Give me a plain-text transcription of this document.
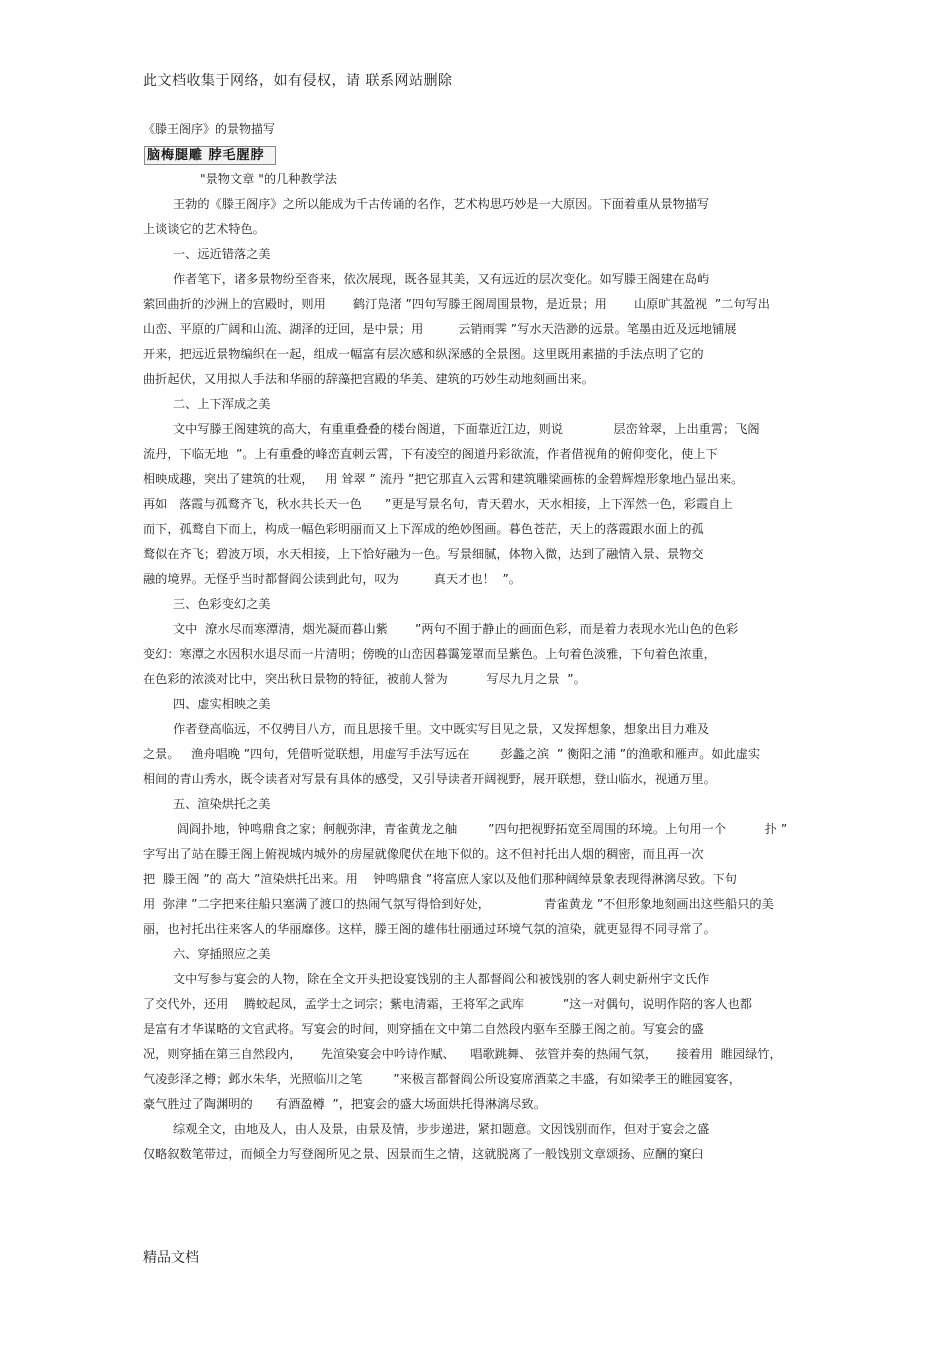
此文档收集于网络，如有侵权，请 联系网站删除
《滕王阁序》的景物描写
脑梅腿雕 脖毛腥脖
"景物文章 "的几种教学法
王勃的《滕王阁序》之所以能成为千古传诵的名作，艺术构思巧妙是一大原因。下面着重从景物描写
上谈谈它的艺术特色。
一、远近错落之美
作者笔下，诸多景物纷至沓来，依次展现，既各显其美，又有远近的层次变化。如写滕王阁建在岛屿
萦回曲折的沙洲上的宫殿时，则用       鹤汀凫渚 ”四句写滕王阁周围景物，是近景；用       山原旷其盈视  ”二句写出
山峦、平原的广阔和山流、湖泽的迂回，是中景；用         云销雨霁 ”写水天浩渺的远景。笔墨由近及远地铺展
开来，把远近景物编织在一起，组成一幅富有层次感和纵深感的全景图。这里既用素描的手法点明了它的
曲折起伏，又用拟人手法和华丽的辞藻把宫殿的华美、建筑的巧妙生动地刻画出来。
二、上下浑成之美
文中写滕王阁建筑的高大，有重重叠叠的楼台阁道，下面靠近江边，则说             层峦耸翠，上出重霄；飞阁
流丹，下临无地  ”。上有重叠的峰峦直刺云霄，下有凌空的阁道丹彩欲流，作者借视角的俯仰变化，使上下
相映成趣，突出了建筑的壮观，   用 耸翠 ” 流丹 ”把它那直入云霄和建筑雕梁画栋的金碧辉煌形象地凸显出来。
再如   落霞与孤鹜齐飞，秋水共长天一色      ”更是写景名句，青天碧水，天水相接，上下浑然一色，彩霞自上
而下，孤鹜自下而上，构成一幅色彩明丽而又上下浑成的绝妙图画。暮色苍茫，天上的落霞跟水面上的孤
鹜似在齐飞；碧波万顷，水天相接，上下恰好融为一色。写景细腻，体物入微，达到了融情入景、景物交
融的境界。无怪乎当时都督阎公读到此句，叹为         真天才也！  ”。
三、色彩变幻之美
文中  潦水尽而寒潭清，烟光凝而暮山紫       ”两句不囿于静止的画面色彩，而是着力表现水光山色的色彩
变幻：寒潭之水因积水退尽而一片清明；傍晚的山峦因暮霭笼罩而呈紫色。上句着色淡雅，下句着色浓重，
在色彩的浓淡对比中，突出秋日景物的特征，被前人誉为          写尽九月之景  ”。
四、虚实相映之美
作者登高临远，不仅骋目八方，而且思接千里。文中既实写目见之景，又发挥想象，想象出目力难及
之景。   渔舟唱晚 ”四句，凭借听觉联想，用虚写手法写远在        彭蠡之滨  ” 衡阳之浦 ”的渔歌和雁声。如此虚实
相间的青山秀水，既令读者对写景有具体的感受，又引导读者开阔视野，展开联想，登山临水，视通万里。
五、渲染烘托之美
闾阎扑地，钟鸣鼎食之家；舸舰弥津，青雀黄龙之舳        ”四句把视野拓宽至周围的环境。上句用一个          扑 ”
字写出了站在滕王阁上俯视城内城外的房屋就像爬伏在地下似的。这不但衬托出人烟的稠密，而且再一次
把  滕王阁 ”的 高大 ”渲染烘托出来。用    钟鸣鼎食 ”将富庶人家以及他们那种阔绰景象表现得淋漓尽致。下句
用  弥津 ”二字把来往船只塞满了渡口的热闹气氛写得恰到好处，              青雀黄龙 ”不但形象地刻画出这些船只的美
丽，也衬托出往来客人的华丽靡侈。这样，滕王阁的雄伟壮丽通过环境气氛的渲染，就更显得不同寻常了。
六、穿插照应之美
文中写参与宴会的人物，除在全文开头把设宴饯别的主人都督阎公和被饯别的客人刺史新州宇文氏作
了交代外，还用    腾蛟起凤，孟学士之词宗；紫电清霜，王将军之武库          ”这一对偶句，说明作陪的客人也都
是富有才华谋略的文官武将。写宴会的时间，则穿插在文中第二自然段内驱车至滕王阁之前。写宴会的盛
况，则穿插在第三自然段内，     先渲染宴会中吟诗作赋、    唱歌跳舞、 弦管并奏的热闹气氛，     接着用  睢园绿竹，
气凌彭泽之樽；邺水朱华，光照临川之笔        ”来极言都督阎公所设宴席酒菜之丰盛，有如梁孝王的睢园宴客，
豪气胜过了陶渊明的      有酒盈樽  ”，把宴会的盛大场面烘托得淋漓尽致。
综观全文，由地及人，由人及景，由景及情，步步递进，紧扣题意。文因饯别而作，但对于宴会之盛
仅略叙数笔带过，而倾全力写登阁所见之景、因景而生之情，这就脱离了一般饯别文章颂扬、应酬的窠臼
精品文档
